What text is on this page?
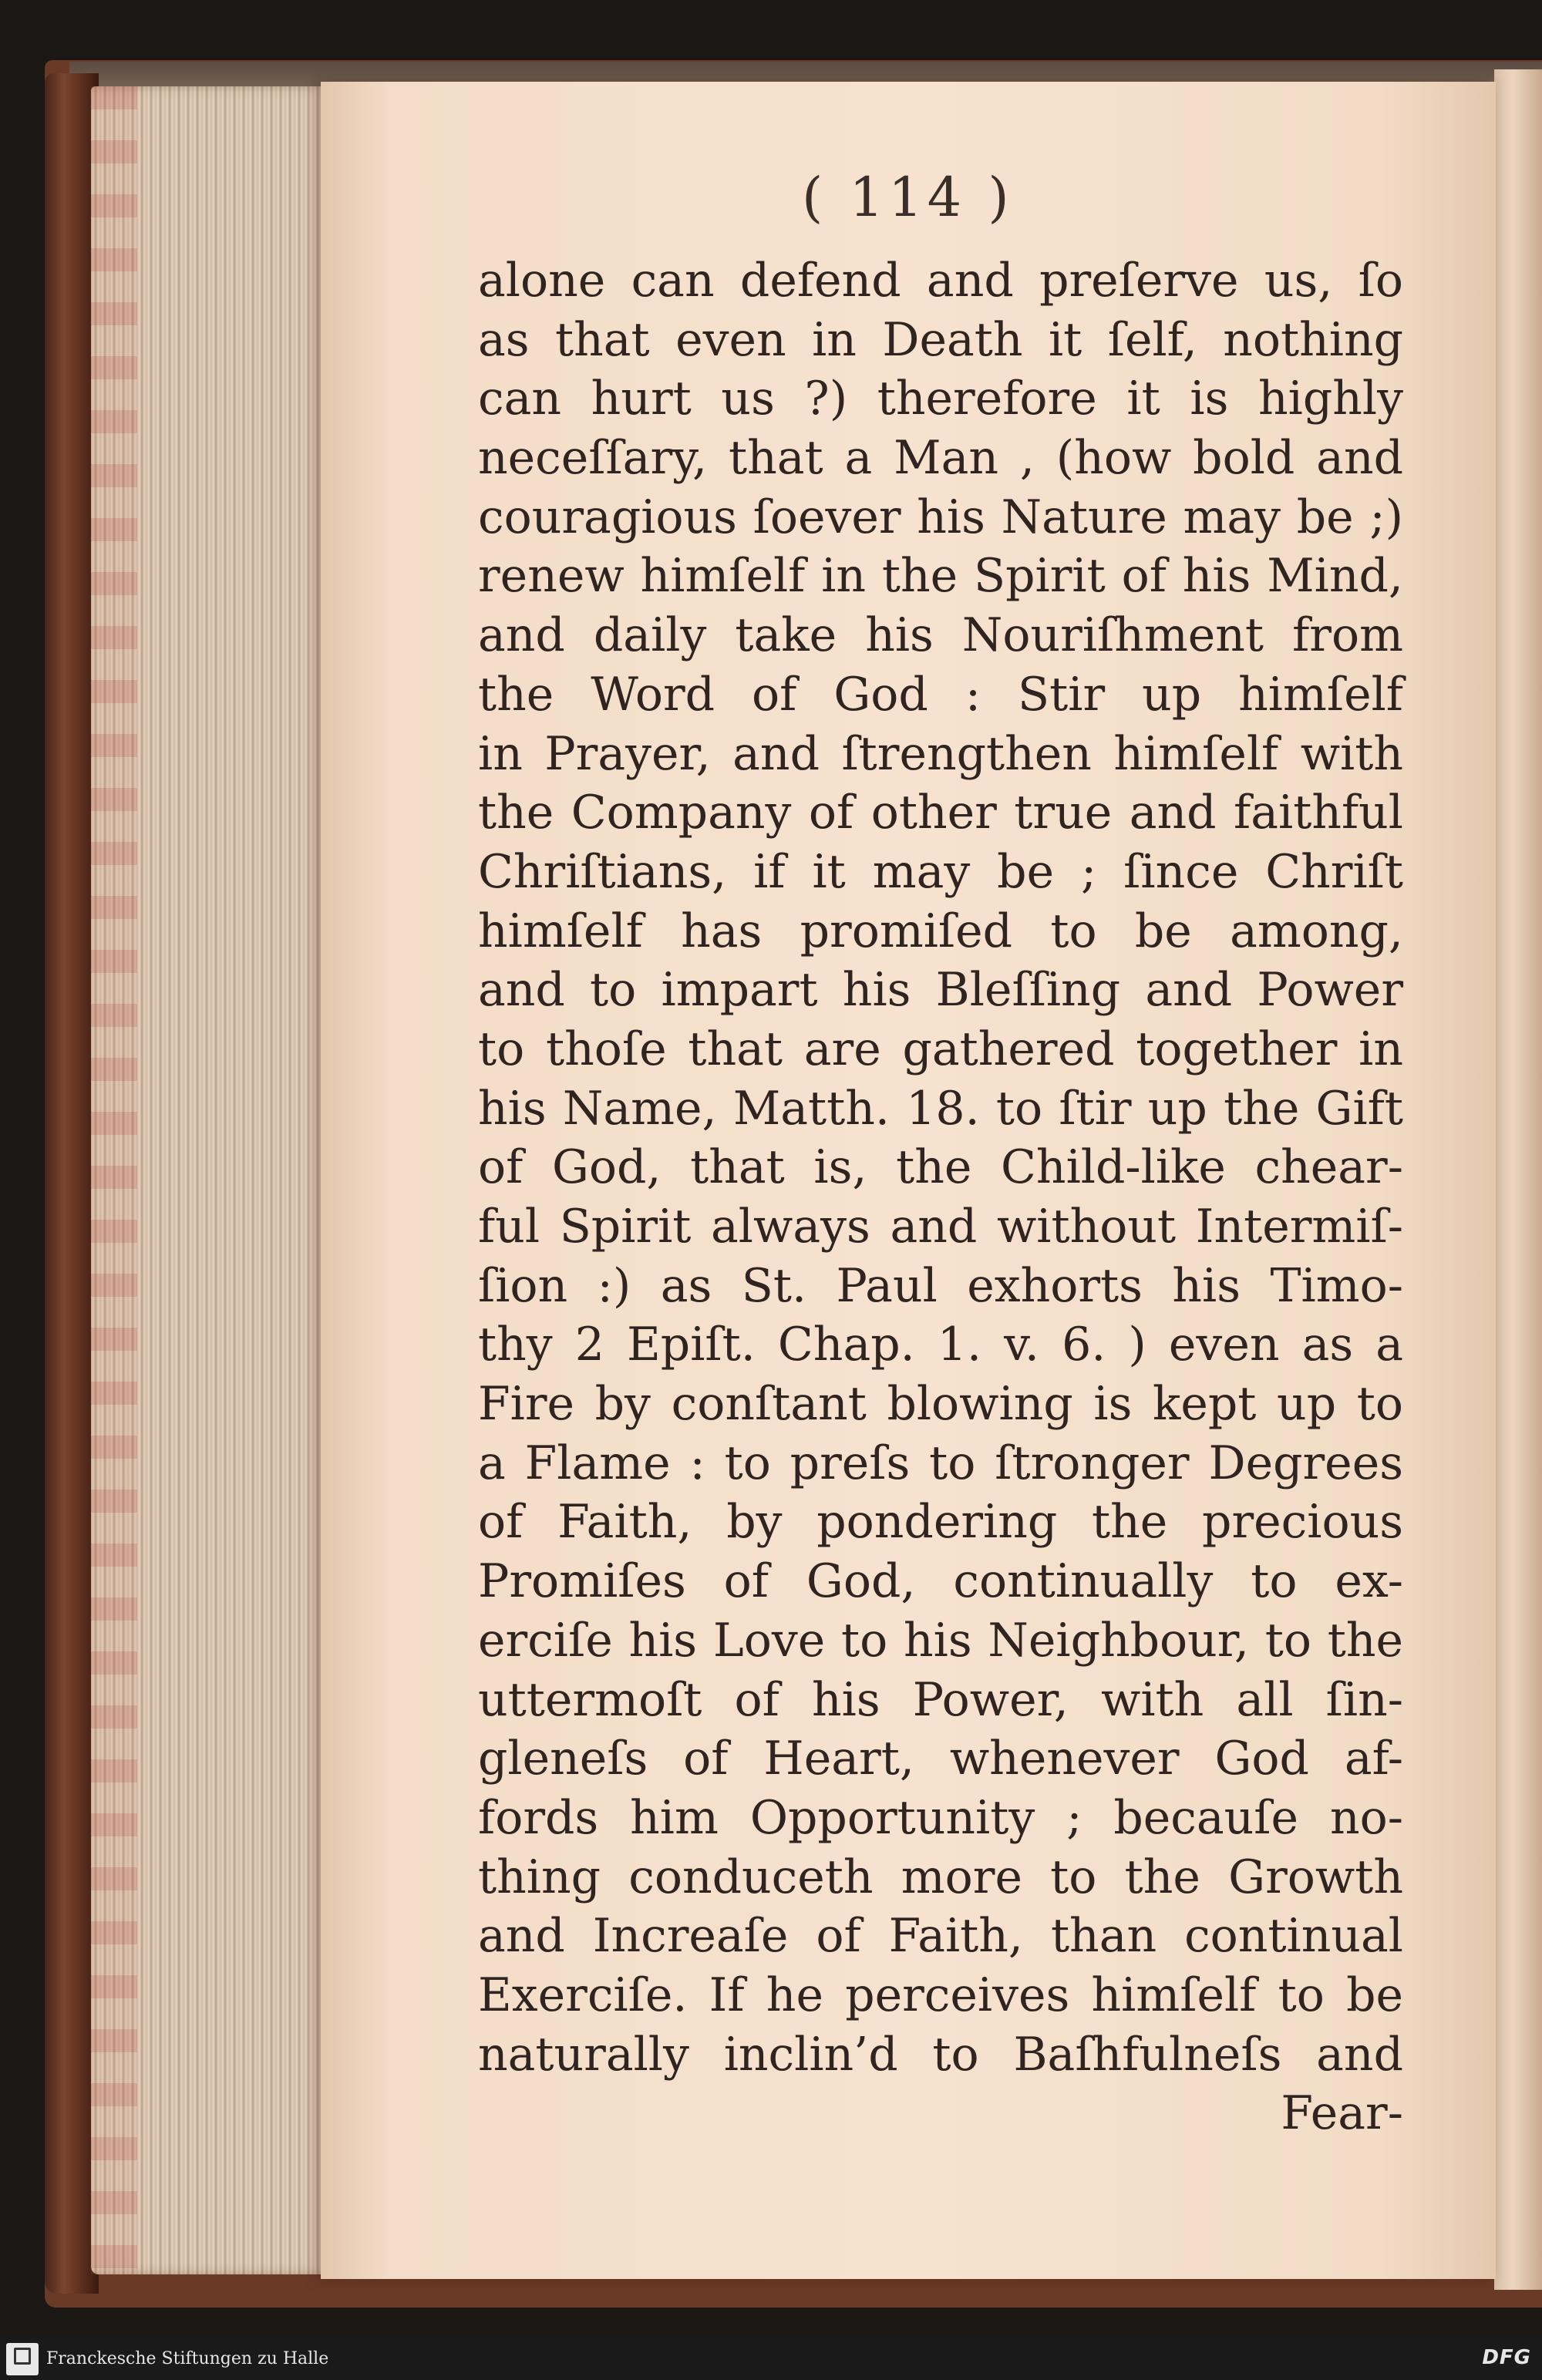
( 114 )
alone can defend and preſerve us, ſo
as that even in Death it ſelf, nothing
can hurt us ?) therefore it is highly
neceſſary, that a Man , (how bold and
couragious ſoever his Nature may be ;)
renew himſelf in the Spirit of his Mind,
and daily take his Nouriſhment from
the Word of God : Stir up himſelf
in Prayer, and ſtrengthen himſelf with
the Company of other true and faithful
Chriſtians, if it may be ; ſince Chriſt
himſelf has promiſed to be among,
and to impart his Bleſſing and Power
to thoſe that are gathered together in
his Name, Matth. 18. to ſtir up the Gift
of God, that is, the Child-like chear-
ful Spirit always and without Intermiſ-
ſion :) as St. Paul exhorts his Timo-
thy 2 Epiſt. Chap. 1. v. 6. ) even as a
Fire by conſtant blowing is kept up to
a Flame : to preſs to ſtronger Degrees
of Faith, by pondering the precious
Promiſes of God, continually to ex-
erciſe his Love to his Neighbour, to the
uttermoſt of his Power, with all ſin-
gleneſs of Heart, whenever God af-
fords him Opportunity ; becauſe no-
thing conduceth more to the Growth
and Increaſe of Faith, than continual
Exerciſe. If he perceives himſelf to be
naturally inclin’d to Baſhfulneſs and
Fear-
Franckesche Stiftungen zu Halle	DFG
